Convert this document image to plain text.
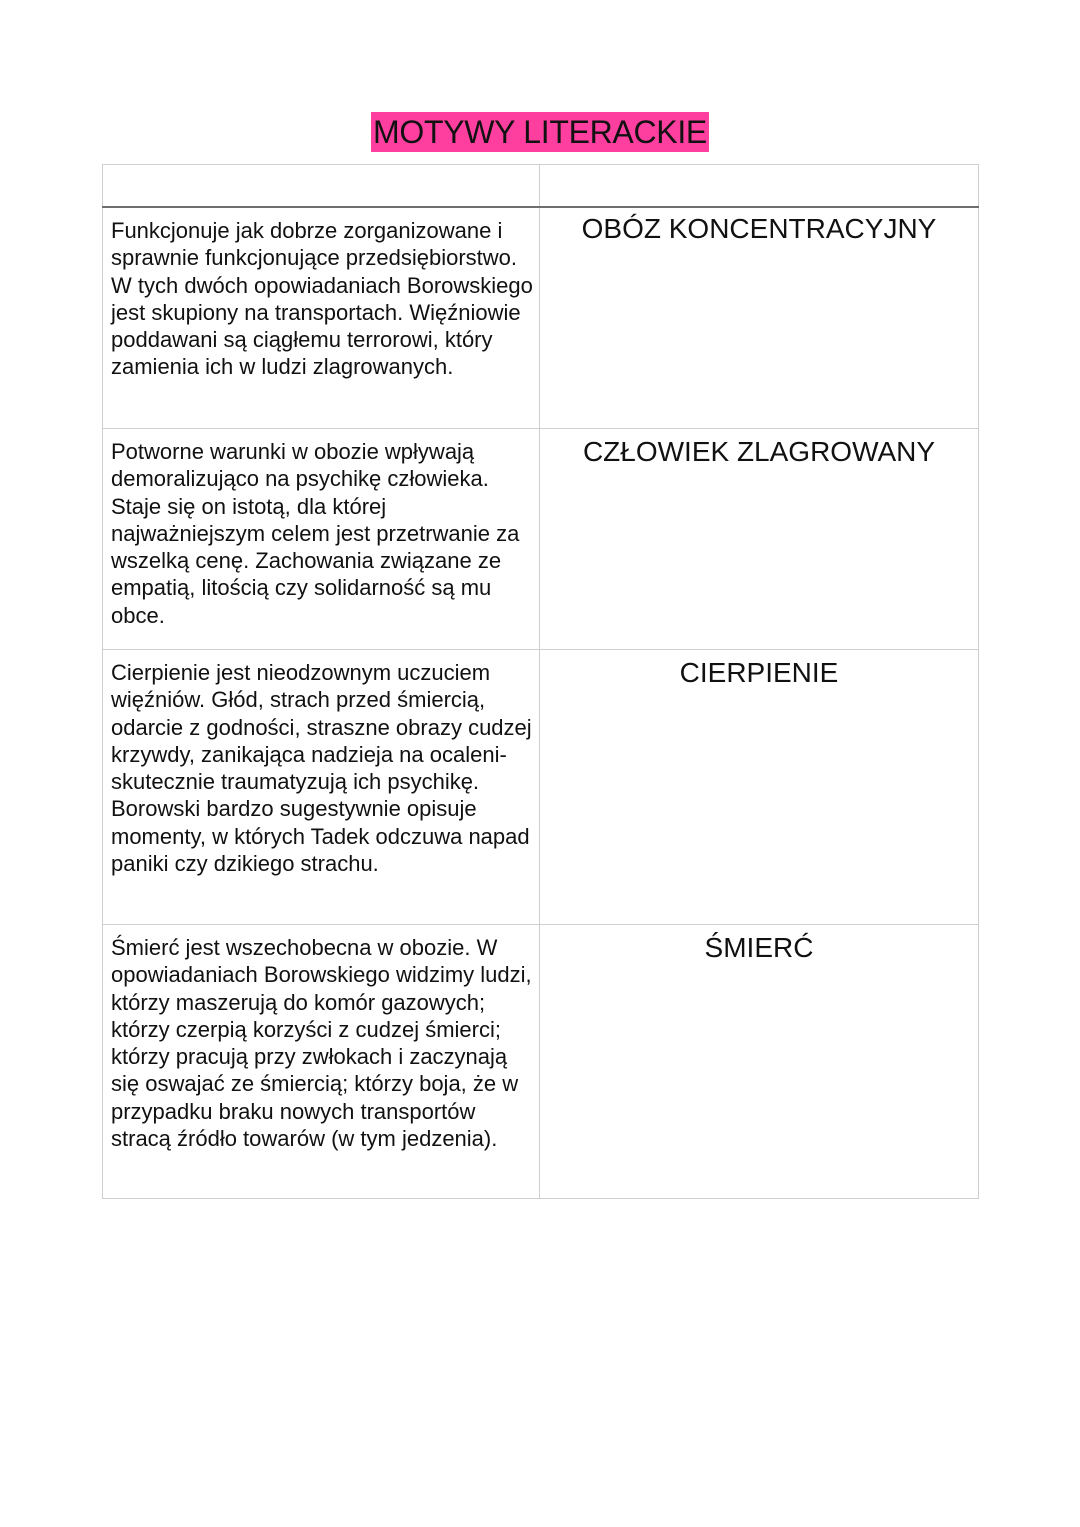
MOTYWY LITERACKIE

Funkcjonuje jak dobrze zorganizowane i sprawnie funkcjonujące przedsiębiorstwo. W tych dwóch opowiadaniach Borowskiego jest skupiony na transportach. Więźniowie poddawani są ciągłemu terrorowi, który zamienia ich w ludzi zlagrowanych.	OBÓZ KONCENTRACYJNY
Potworne warunki w obozie wpływają demoralizująco na psychikę człowieka. Staje się on istotą, dla której najważniejszym celem jest przetrwanie za wszelką cenę. Zachowania związane ze empatią, litością czy solidarność są mu obce.	CZŁOWIEK ZLAGROWANY
Cierpienie jest nieodzownym uczuciem więźniów. Głód, strach przed śmiercią, odarcie z godności, straszne obrazy cudzej krzywdy, zanikająca nadzieja na ocaleni- skutecznie traumatyzują ich psychikę. Borowski bardzo sugestywnie opisuje momenty, w których Tadek odczuwa napad paniki czy dzikiego strachu.	CIERPIENIE
Śmierć jest wszechobecna w obozie. W opowiadaniach Borowskiego widzimy ludzi, którzy maszerują do komór gazowych; którzy czerpią korzyści z cudzej śmierci; którzy pracują przy zwłokach i zaczynają się oswajać ze śmiercią; którzy boja, że w przypadku braku nowych transportów stracą źródło towarów (w tym jedzenia).	ŚMIERĆ
